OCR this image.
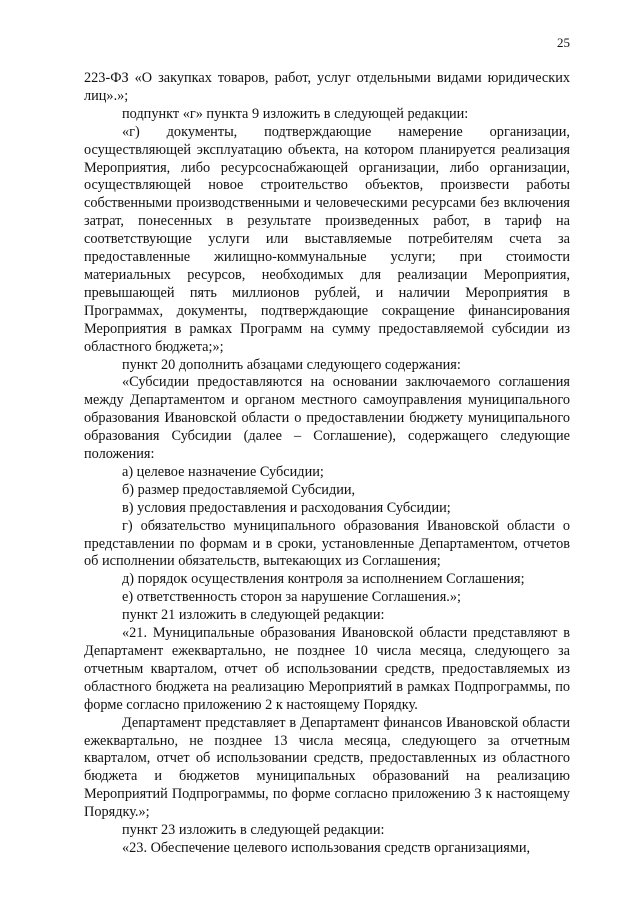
25

223-ФЗ «О закупках товаров, работ, услуг отдельными видами юридических лиц».»;

подпункт «г» пункта 9 изложить в следующей редакции:

«г) документы, подтверждающие намерение организации, осуществляющей эксплуатацию объекта, на котором планируется реализация Мероприятия, либо ресурсоснабжающей организации, либо организации, осуществляющей новое строительство объектов, произвести работы собственными производственными и человеческими ресурсами без включения затрат, понесенных в результате произведенных работ, в тариф на соответствующие услуги или выставляемые потребителям счета за предоставленные жилищно-коммунальные услуги; при стоимости материальных ресурсов, необходимых для реализации Мероприятия, превышающей пять миллионов рублей, и наличии Мероприятия в Программах, документы, подтверждающие сокращение финансирования Мероприятия в рамках Программ на сумму предоставляемой субсидии из областного бюджета;»;

пункт 20 дополнить абзацами следующего содержания:

«Субсидии предоставляются на основании заключаемого соглашения между Департаментом и органом местного самоуправления муниципального образования Ивановской области о предоставлении бюджету муниципального образования Субсидии (далее – Соглашение), содержащего следующие положения:

а) целевое назначение Субсидии;

б) размер предоставляемой Субсидии,

в) условия предоставления и расходования Субсидии;

г) обязательство муниципального образования Ивановской области о представлении по формам и в сроки, установленные Департаментом, отчетов об исполнении обязательств, вытекающих из Соглашения;

д) порядок осуществления контроля за исполнением Соглашения;

е) ответственность сторон за нарушение Соглашения.»;

пункт 21 изложить в следующей редакции:

«21. Муниципальные образования Ивановской области представляют в Департамент ежеквартально, не позднее 10 числа месяца, следующего за отчетным кварталом, отчет об использовании средств, предоставляемых из областного бюджета на реализацию Мероприятий в рамках Подпрограммы, по форме согласно приложению 2 к настоящему Порядку.

Департамент представляет в Департамент финансов Ивановской области ежеквартально, не позднее 13 числа месяца, следующего за отчетным кварталом, отчет об использовании средств, предоставленных из областного бюджета и бюджетов муниципальных образований на реализацию Мероприятий Подпрограммы, по форме согласно приложению 3 к настоящему Порядку.»;

пункт 23 изложить в следующей редакции:

«23. Обеспечение целевого использования средств организациями,
